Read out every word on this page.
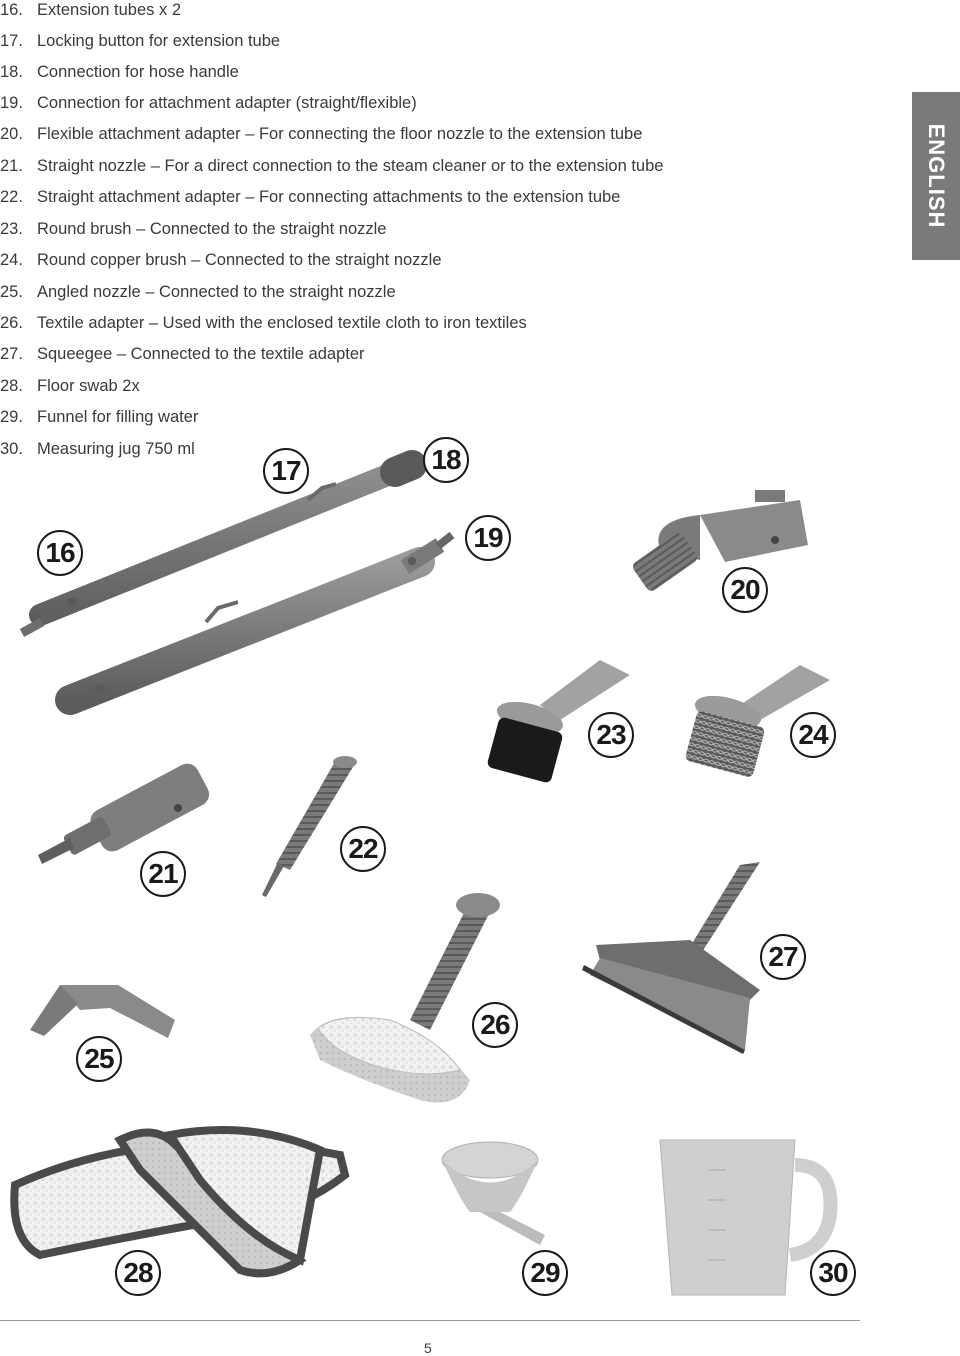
16. Extension tubes x 2
17. Locking button for extension tube
18. Connection for hose handle
19. Connection for attachment adapter (straight/flexible)
20. Flexible attachment adapter – For connecting the floor nozzle to the extension tube
21. Straight nozzle – For a direct connection to the steam cleaner or to the extension tube
22. Straight attachment adapter – For connecting attachments to the extension tube
23. Round brush – Connected to the straight nozzle
24. Round copper brush – Connected to the straight nozzle
25. Angled nozzle – Connected to the straight nozzle
26. Textile adapter – Used with the enclosed textile cloth to iron textiles
27. Squeegee – Connected to the textile adapter
28. Floor swab 2x
29. Funnel for filling water
30. Measuring jug 750 ml
ENGLISH
17	18
16	19
20
23	24
21
22
27
26
25
28	29	30
5
